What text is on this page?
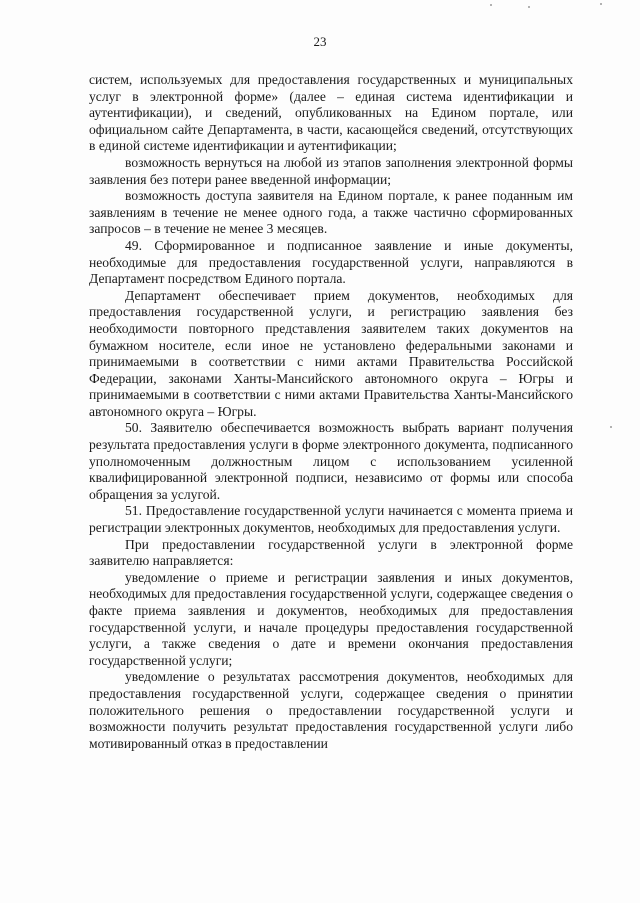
23

систем, используемых для предоставления государственных и муниципальных услуг в электронной форме» (далее – единая система идентификации и аутентификации), и сведений, опубликованных на Едином портале, или официальном сайте Департамента, в части, касающейся сведений, отсутствующих в единой системе идентификации и аутентификации;

возможность вернуться на любой из этапов заполнения электронной формы заявления без потери ранее введенной информации;

возможность доступа заявителя на Едином портале, к ранее поданным им заявлениям в течение не менее одного года, а также частично сформированных запросов – в течение не менее 3 месяцев.

49. Сформированное и подписанное заявление и иные документы, необходимые для предоставления государственной услуги, направляются в Департамент посредством Единого портала.

Департамент обеспечивает прием документов, необходимых для предоставления государственной услуги, и регистрацию заявления без необходимости повторного представления заявителем таких документов на бумажном носителе, если иное не установлено федеральными законами и принимаемыми в соответствии с ними актами Правительства Российской Федерации, законами Ханты-Мансийского автономного округа – Югры и принимаемыми в соответствии с ними актами Правительства Ханты-Мансийского автономного округа – Югры.

50. Заявителю обеспечивается возможность выбрать вариант получения результата предоставления услуги в форме электронного документа, подписанного уполномоченным должностным лицом с использованием усиленной квалифицированной электронной подписи, независимо от формы или способа обращения за услугой.

51. Предоставление государственной услуги начинается с момента приема и регистрации электронных документов, необходимых для предоставления услуги.

При предоставлении государственной услуги в электронной форме заявителю направляется:

уведомление о приеме и регистрации заявления и иных документов, необходимых для предоставления государственной услуги, содержащее сведения о факте приема заявления и документов, необходимых для предоставления государственной услуги, и начале процедуры предоставления государственной услуги, а также сведения о дате и времени окончания предоставления государственной услуги;

уведомление о результатах рассмотрения документов, необходимых для предоставления государственной услуги, содержащее сведения о принятии положительного решения о предоставлении государственной услуги и возможности получить результат предоставления государственной услуги либо мотивированный отказ в предоставлении
